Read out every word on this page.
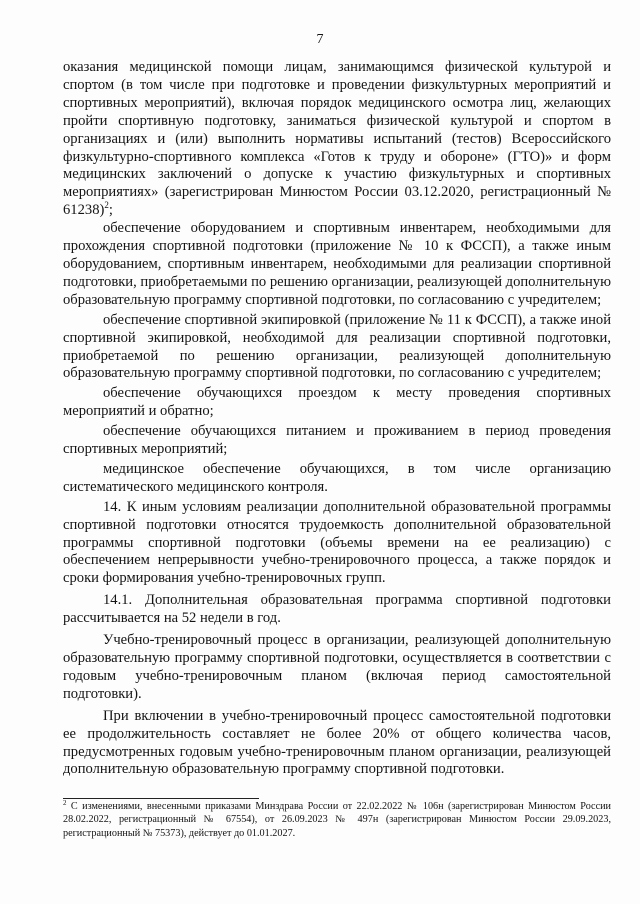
7

оказания медицинской помощи лицам, занимающимся физической культурой и спортом (в том числе при подготовке и проведении физкультурных мероприятий и спортивных мероприятий), включая порядок медицинского осмотра лиц, желающих пройти спортивную подготовку, заниматься физической культурой и спортом в организациях и (или) выполнить нормативы испытаний (тестов) Всероссийского физкультурно-спортивного комплекса «Готов к труду и обороне» (ГТО)» и форм медицинских заключений о допуске к участию физкультурных и спортивных мероприятиях» (зарегистрирован Минюстом России 03.12.2020, регистрационный № 61238)$^2$;

обеспечение оборудованием и спортивным инвентарем, необходимыми для прохождения спортивной подготовки (приложение № 10 к ФССП), а также иным оборудованием, спортивным инвентарем, необходимыми для реализации спортивной подготовки, приобретаемыми по решению организации, реализующей дополнительную образовательную программу спортивной подготовки, по согласованию с учредителем;

обеспечение спортивной экипировкой (приложение № 11 к ФССП), а также иной спортивной экипировкой, необходимой для реализации спортивной подготовки, приобретаемой по решению организации, реализующей дополнительную образовательную программу спортивной подготовки, по согласованию с учредителем;

обеспечение обучающихся проездом к месту проведения спортивных мероприятий и обратно;

обеспечение обучающихся питанием и проживанием в период проведения спортивных мероприятий;

медицинское обеспечение обучающихся, в том числе организацию систематического медицинского контроля.

14. К иным условиям реализации дополнительной образовательной программы спортивной подготовки относятся трудоемкость дополнительной образовательной программы спортивной подготовки (объемы времени на ее реализацию) с обеспечением непрерывности учебно-тренировочного процесса, а также порядок и сроки формирования учебно-тренировочных групп.

14.1. Дополнительная образовательная программа спортивной подготовки рассчитывается на 52 недели в год.

Учебно-тренировочный процесс в организации, реализующей дополнительную образовательную программу спортивной подготовки, осуществляется в соответствии с годовым учебно-тренировочным планом (включая период самостоятельной подготовки).

При включении в учебно-тренировочный процесс самостоятельной подготовки ее продолжительность составляет не более 20% от общего количества часов, предусмотренных годовым учебно-тренировочным планом организации, реализующей дополнительную образовательную программу спортивной подготовки.

$^2$ С изменениями, внесенными приказами Минздрава России от 22.02.2022 № 106н (зарегистрирован Минюстом России 28.02.2022, регистрационный № 67554), от 26.09.2023 № 497н (зарегистрирован Минюстом России 29.09.2023, регистрационный № 75373), действует до 01.01.2027.
